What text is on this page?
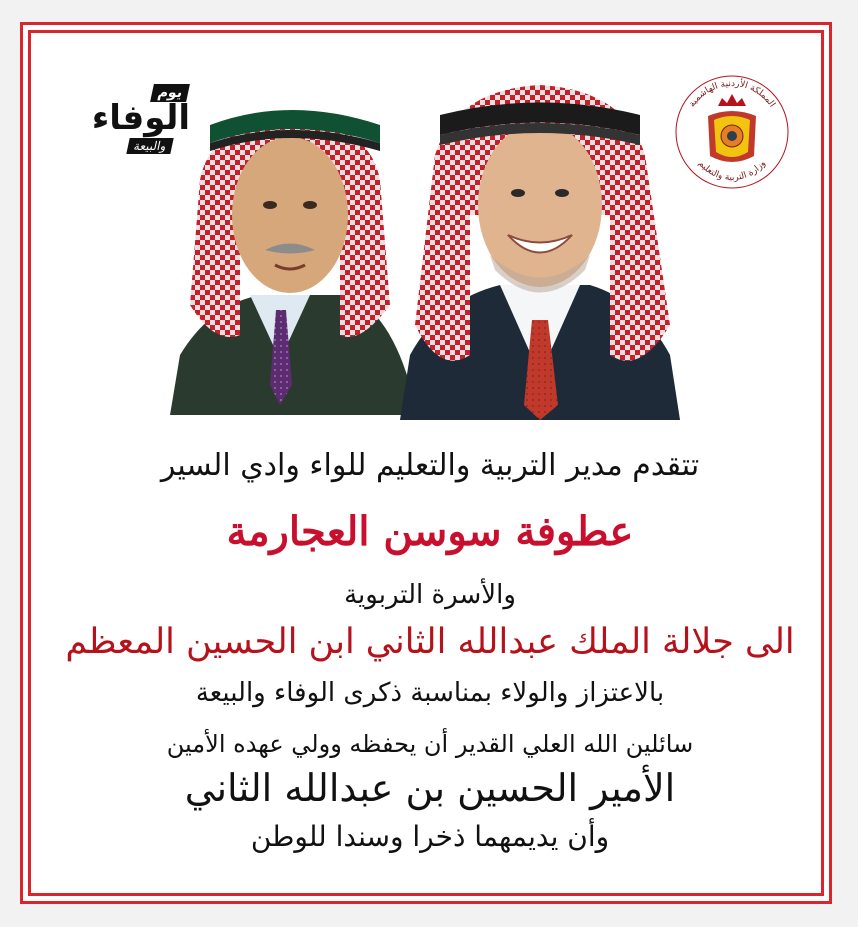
يوم
الوفاء
والبيعة
المملكة الأردنية الهاشمية
وزارة التربية والتعليم
تتقدم مدير التربية والتعليم للواء وادي السير
عطوفة سوسن العجارمة
والأسرة التربوية
الى جلالة الملك عبدالله الثاني ابن الحسين المعظم
بالاعتزاز والولاء بمناسبة ذكرى الوفاء والبيعة
سائلين الله العلي القدير أن يحفظه وولي عهده الأمين
الأمير الحسين بن عبدالله الثاني
وأن يديمهما ذخرا وسندا للوطن
